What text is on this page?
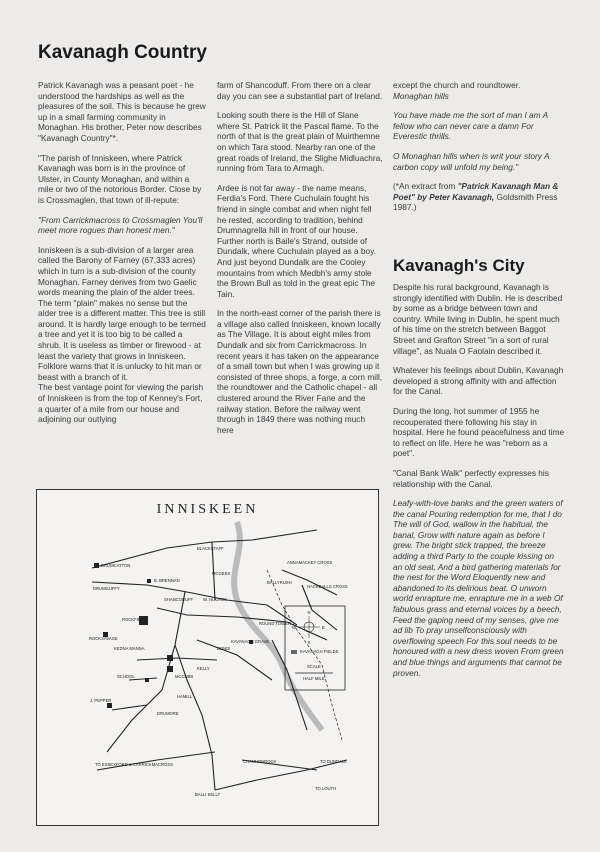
Kavanagh Country

Patrick Kavanagh was a peasant poet - he understood the hardships as well as the pleasures of the soil. This is because he grew up in a small farming community in Monaghan. His brother, Peter now describes "Kavanagh Country"*.

"The parish of Inniskeen, where Patrick Kavanagh was born is in the province of Ulster, in County Monaghan, and within a mile or two of the notorious Border. Close by is Crossmaglen, that town of ill-repute:

"From Carrickmacross to Crossmaglen You'll meet more rogues than honest men."

Inniskeen is a sub-division of a larger area called the Barony of Farney (67,333 acres) which in turn is a sub-division of the county Monaghan. Farney derives from two Gaelic words meaning the plain of the alder trees. The term "plain" makes no sense but the alder tree is a different matter. This tree is still around. It is hardly large enough to be termed a tree and yet it is too big to be called a shrub. It is useless as timber or firewood - at least the variety that grows in Inniskeen. Folklore warns that it is unlucky to hit man or beast with a branch of it.

The best vantage point for viewing the parish of Inniskeen is from the top of Kenney's Fort, a quarter of a mile from our house and adjoining our outlying

farm of Shancoduff. From there on a clear day you can see a substantial part of Ireland.

Looking south there is the Hill of Slane where St. Patrick lit the Pascal flame. To the north of that is the great plain of Muirthemne on which Tara stood. Nearby ran one of the great roads of Ireland, the Slighe Midluachra, running from Tara to Armagh.

Ardee is not far away - the name means, Ferdia's Ford. There Cuchulain fought his friend in single combat and when night fell he rested, according to tradition, behind Drumnagrella hill in front of our house. Further north is Baile's Strand, outside of Dundalk, where Cuchulain played as a boy. And just beyond Dundalk are the Cooley mountains from which Medbh's army stole the Brown Bull as told in the great epic The Tain.

In the north-east corner of the parish there is a village also called Inniskeen, known locally as The Village. It is about eight miles from Dundalk and six from Carrickmacross. In recent years it has taken on the appearance of a small town but when I was growing up it consisted of three shops, a forge, a corn mill, the roundtower and the Catholic chapel - all clustered around the River Fane and the railway station. Before the railway went through in 1849 there was nothing much here

except the church and roundtower.

Monaghan hills

You have made me the sort of man I am A fellow who can never care a damn For Everestic thrills.

O Monaghan hills when is writ your story A carbon copy will unfold my being."

(*An extract from "Patrick Kavanagh Man & Poet" by Peter Kavanagh, Goldsmith Press 1987.)

Kavanagh's City

Despite his rural background, Kavanagh is strongly identified with Dublin. He is described by some as a bridge between town and country. While living in Dublin, he spent much of his time on the stretch between Baggot Street and Grafton Street "in a sort of rural village", as Nuala O Faolain described it.

Whatever his feelings about Dublin, Kavanagh developed a strong affinity with and affection for the Canal.

During the long, hot summer of 1955 he recouperated there following his stay in hospital. Here he found peacefulness and time to reflect on life. Here he was "reborn as a poet".

"Canal Bank Walk" perfectly expresses his relationship with the Canal.

Leafy-with-love banks and the green waters of the canal Pouring redemption for me, that I do The will of God, wallow in the habitual, the banal, Grow with nature again as before I grew. The bright stick trapped, the breeze adding a third Party to the couple kissing on an old seat, And a bird gathering materials for the nest for the Word Eloquently new and abandoned to its delirious beat. O unworn world enrapture me, enrapture me in a web Of fabulous grass and eternal voices by a beech, Feed the gaping need of my senses, give me ad lib To pray unselfconsciously with overflowing speech For this soul needs to be honoured with a new dress woven From green and blue things and arguments that cannot be proven.

INNISKEEN
N
S
E
W
KAVANAGH FIELDS
SCALE
HALF MILE
BLACKSTAFF
ANNAMACKEY CROSS
DRUMCATTON
MCGEES
BALLYRUSH
HACKBALLS CROSS
DRUMGUFFY
B. BRENNAN
SHANCODUFF W. HUGHES
ROCKFIELD
ROCKSAVAGE
KEDNA MANNA
KAVANAGH GRAVE
ROUND TOWER
BONDI
SCHOOL	MCCUBB
KELLY
HAMILL
J. PEPPER
DRUMORE
TO ESSEXFORD & CARRICKMACROSS
CHANNONROCK	TO DUNDALK
TO LOUTH
BALLI KELLY
